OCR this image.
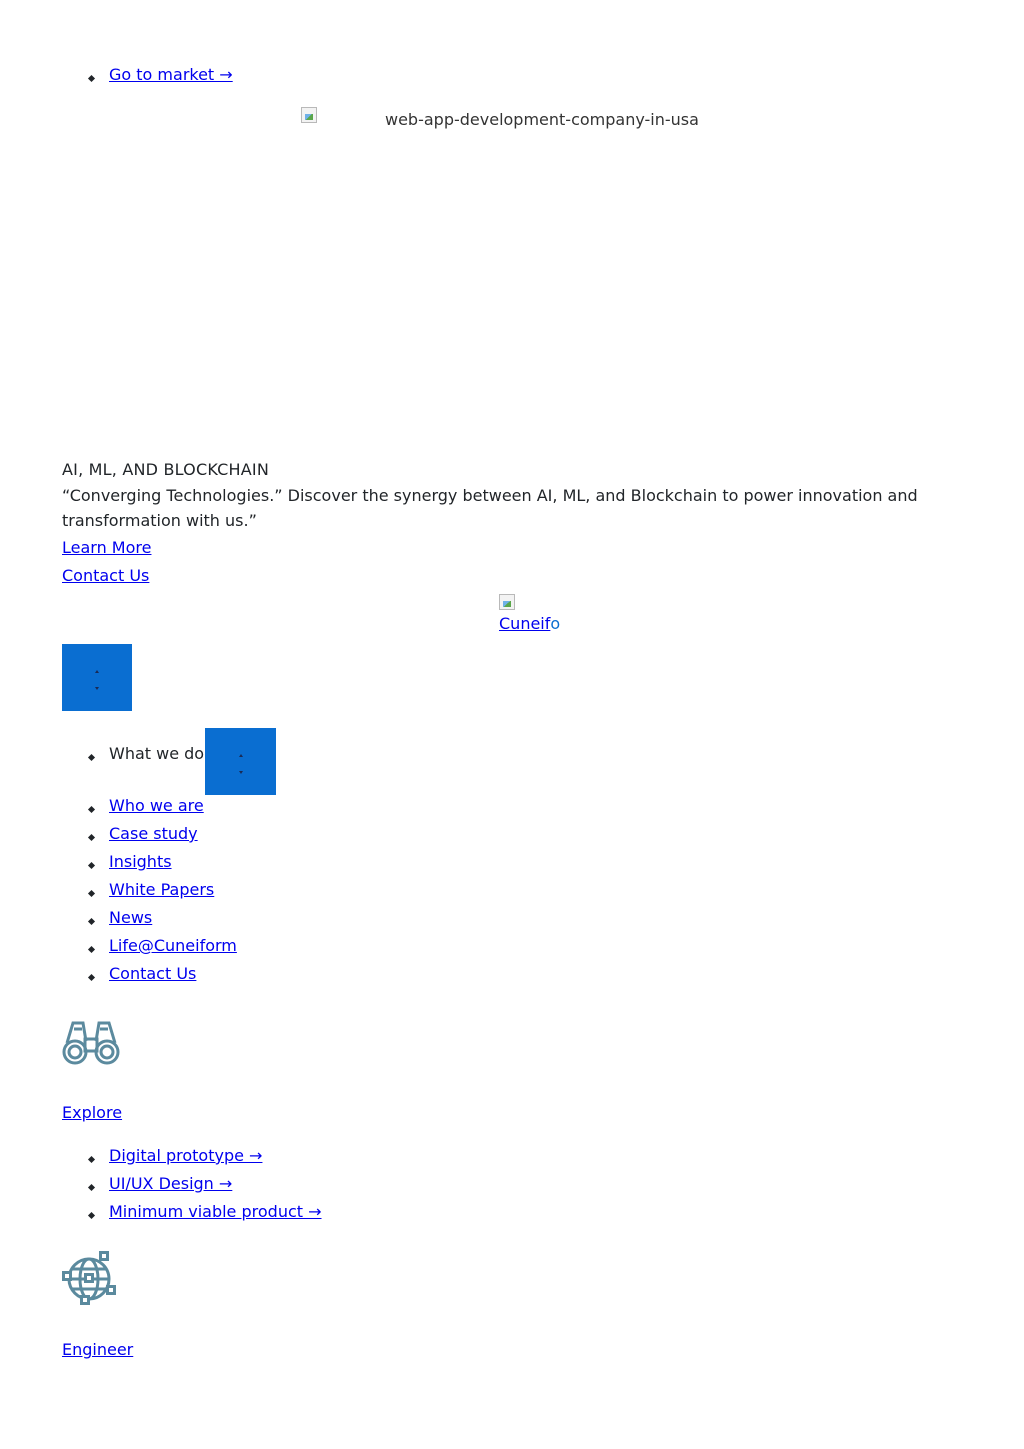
Go to market →
web-app-development-company-in-usa
AI, ML, AND BLOCKCHAIN
“Converging Technologies.” Discover the synergy between AI, ML, and Blockchain to power innovation and transformation with us.”
Learn More
Contact Us
Cuneifo
What we do
Who we are
Case study
Insights
White Papers
News
Life@Cuneiform
Contact Us
Explore
Digital prototype →
UI/UX Design →
Minimum viable product →
Engineer
